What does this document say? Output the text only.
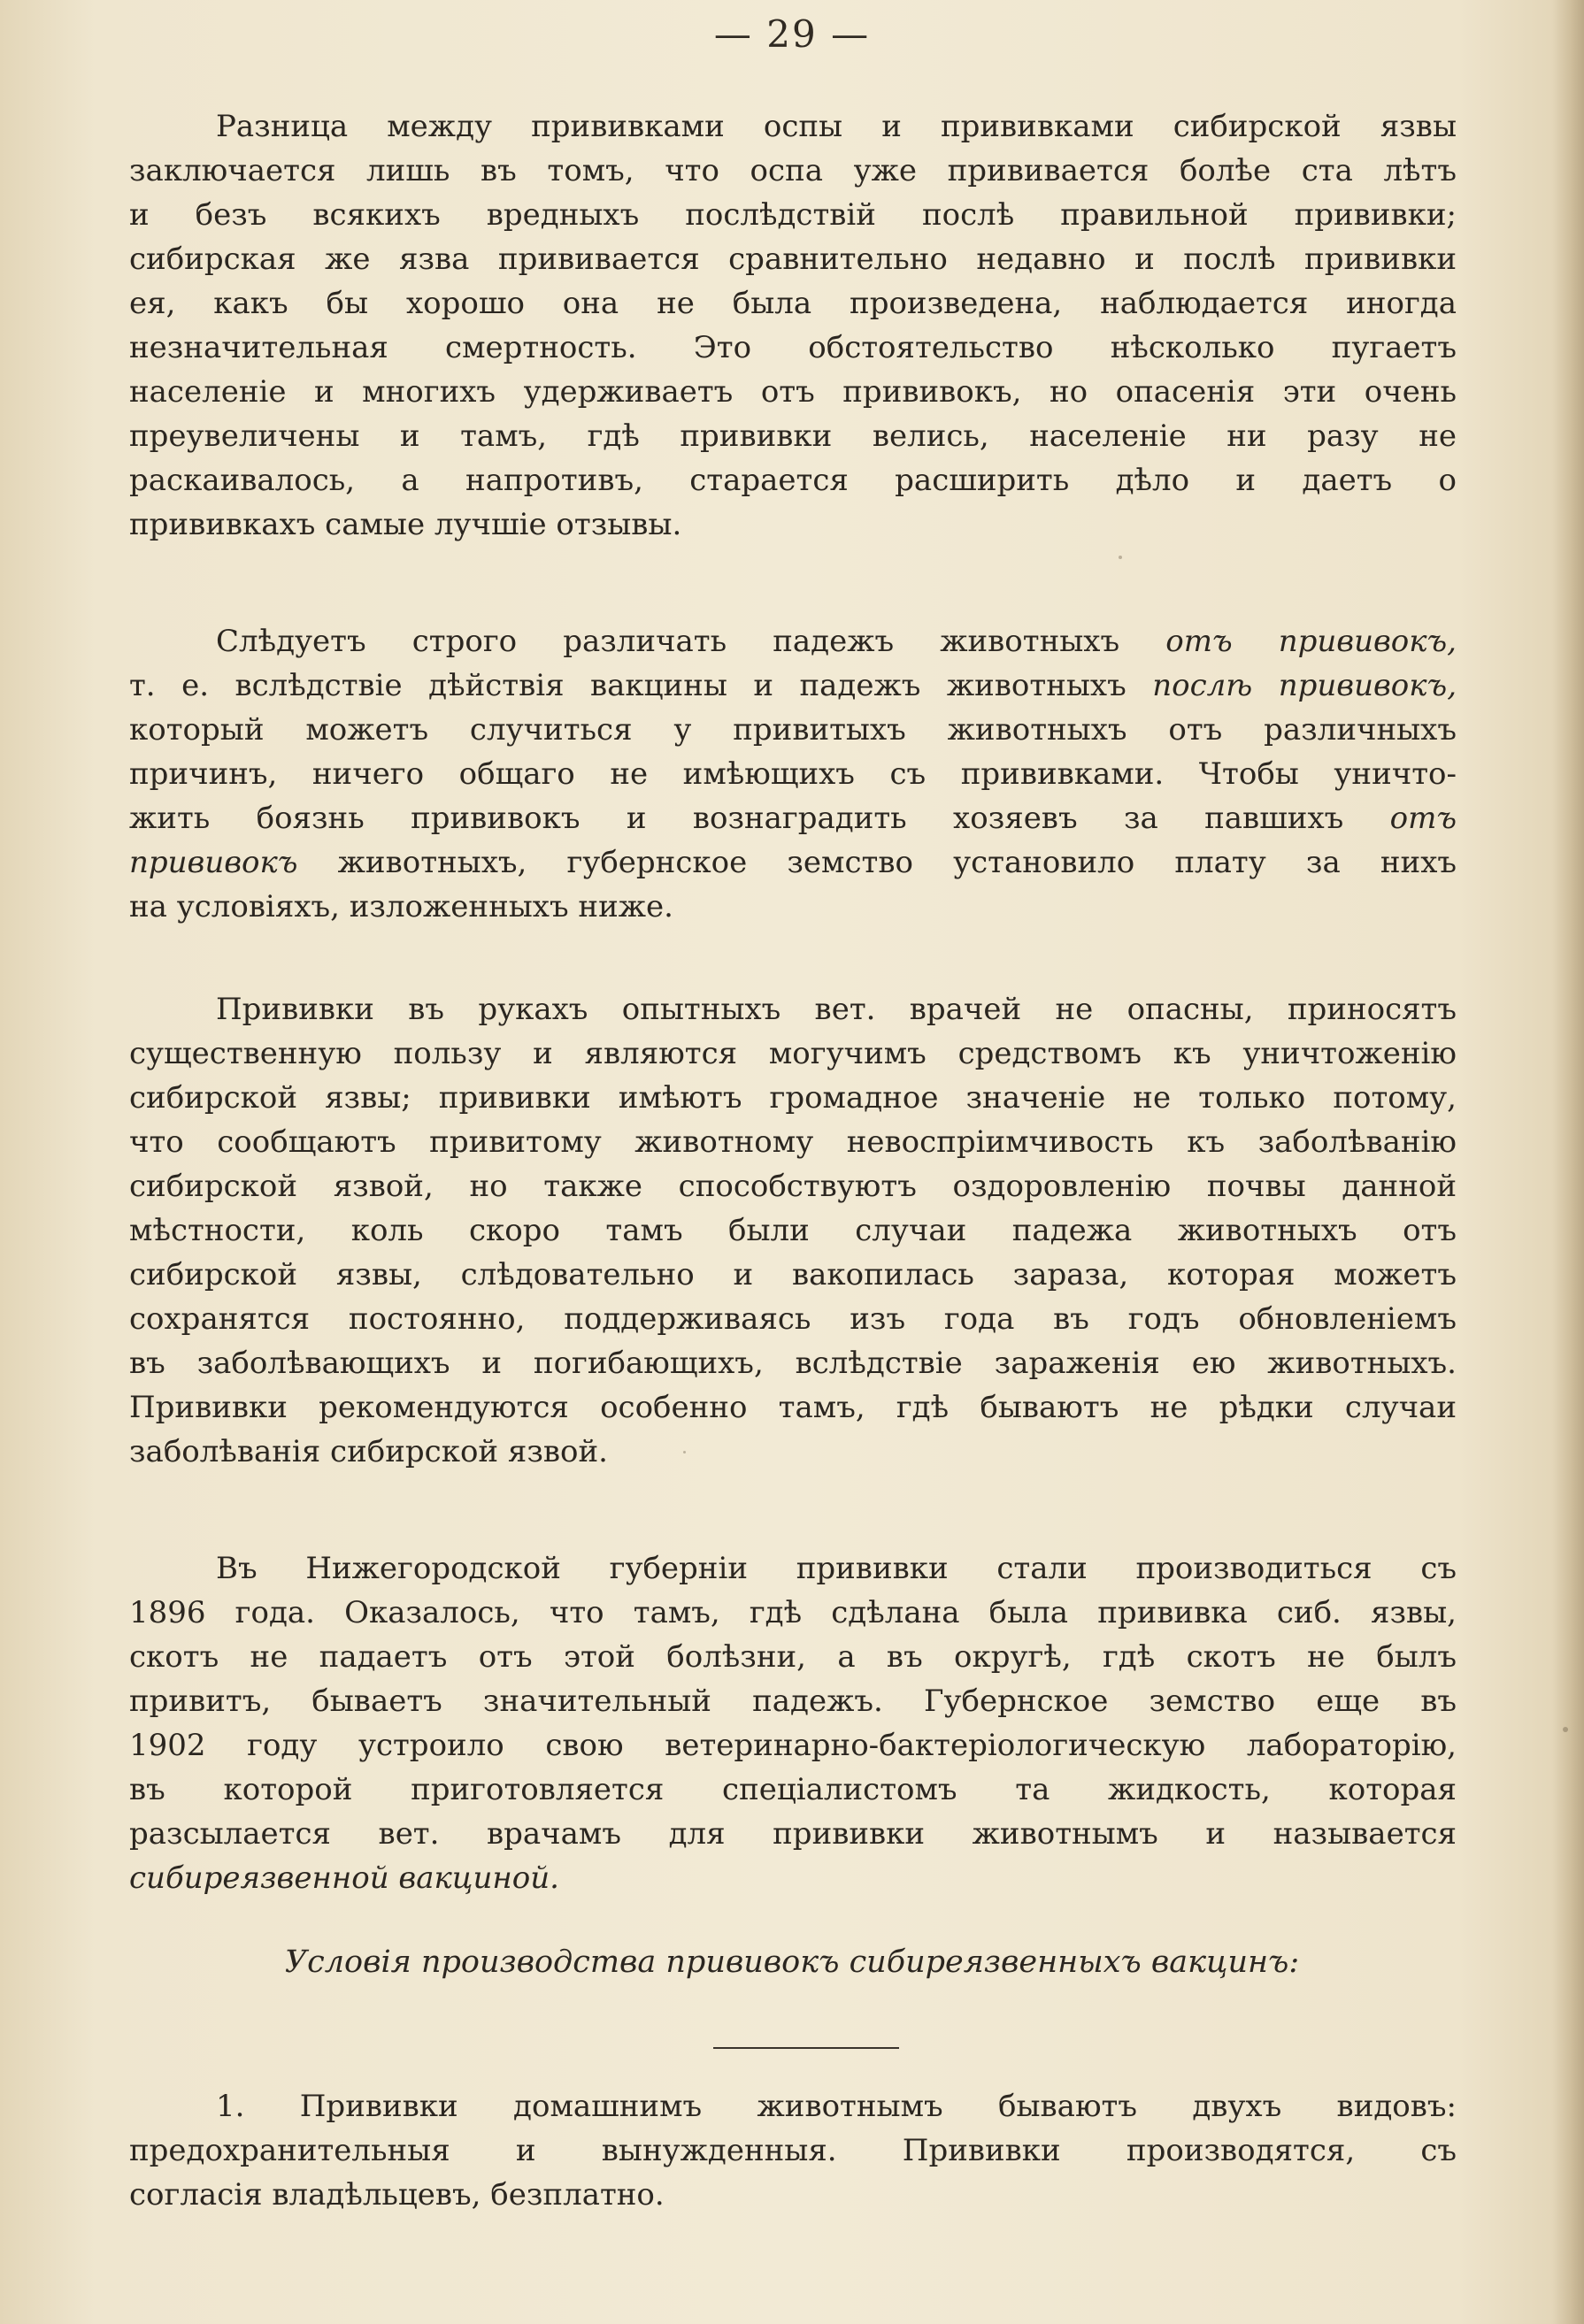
— 29 —
Разница между прививками оспы и прививками сибирской язвы
заключается лишь въ томъ, что оспа уже прививается болѣе ста лѣтъ
и безъ всякихъ вредныхъ послѣдствій послѣ правильной прививки;
сибирская же язва прививается сравнительно недавно и послѣ прививки
ея, какъ бы хорошо она не была произведена, наблюдается иногда
незначительная смертность. Это обстоятельство нѣсколько пугаетъ
населеніе и многихъ удерживаетъ отъ прививокъ, но опасенія эти очень
преувеличены и тамъ, гдѣ прививки велись, населеніе ни разу не
раскаивалось, а напротивъ, старается расширить дѣло и даетъ о
прививкахъ самые лучшіе отзывы.
Слѣдуетъ строго различать падежъ животныхъ отъ прививокъ,
т. е. вслѣдствіе дѣйствія вакцины и падежъ животныхъ послѣ прививокъ,
который можетъ случиться у привитыхъ животныхъ отъ различныхъ
причинъ, ничего общаго не имѣющихъ съ прививками. Чтобы уничто-
жить боязнь прививокъ и вознаградить хозяевъ за павшихъ отъ
прививокъ животныхъ, губернское земство установило плату за нихъ
на условіяхъ, изложенныхъ ниже.
Прививки въ рукахъ опытныхъ вет. врачей не опасны, приносятъ
существенную пользу и являются могучимъ средствомъ къ уничтоженію
сибирской язвы; прививки имѣютъ громадное значеніе не только потому,
что сообщаютъ привитому животному невоспріимчивость къ заболѣванію
сибирской язвой, но также способствуютъ оздоровленію почвы данной
мѣстности, коль скоро тамъ были случаи падежа животныхъ отъ
сибирской язвы, слѣдовательно и вакопилась зараза, которая можетъ
сохранятся постоянно, поддерживаясь изъ года въ годъ обновленіемъ
въ заболѣвающихъ и погибающихъ, вслѣдствіе зараженія ею животныхъ.
Прививки рекомендуются особенно тамъ, гдѣ бываютъ не рѣдки случаи
заболѣванія сибирской язвой.
Въ Нижегородской губерніи прививки стали производиться съ
1896 года. Оказалось, что тамъ, гдѣ сдѣлана была прививка сиб. язвы,
скотъ не падаетъ отъ этой болѣзни, а въ округѣ, гдѣ скотъ не былъ
привитъ, бываетъ значительный падежъ. Губернское земство еще въ
1902 году устроило свою ветеринарно-бактеріологическую лабораторію,
въ которой приготовляется спеціалистомъ та жидкость, которая
разсылается вет. врачамъ для прививки животнымъ и называется
сибиреязвенной вакциной.
Условія производства прививокъ сибиреязвенныхъ вакцинъ:
1. Прививки домашнимъ животнымъ бываютъ двухъ видовъ:
предохранительныя и вынужденныя. Прививки производятся, съ
согласія владѣльцевъ, безплатно.
